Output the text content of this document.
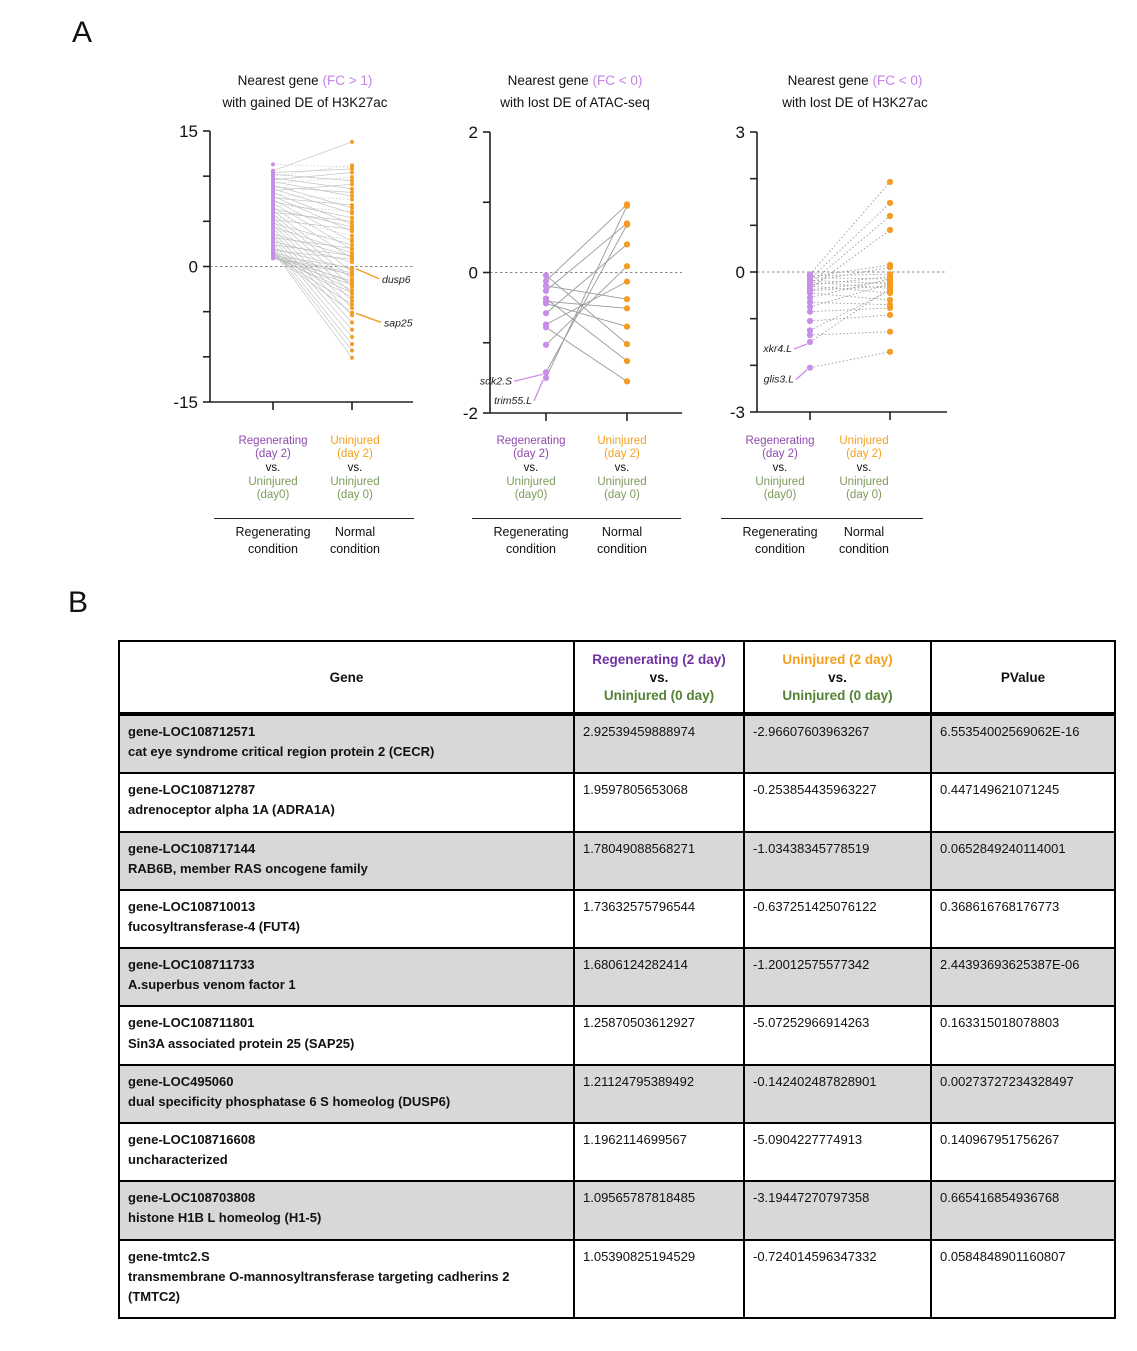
A
Nearest gene (FC > 1)
with gained DE of H3K27ac
15
0
-15
dusp6
sap25
Regenerating
(day 2)
vs.
Uninjured
(day0)
Uninjured
(day 2)
vs.
Uninjured
(day 0)
Regenerating
condition
Normal
condition
Nearest gene (FC < 0)
with lost DE of ATAC-seq
2
0
-2
sdk2.S
trim55.L
Regenerating
(day 2)
vs.
Uninjured
(day0)
Uninjured
(day 2)
vs.
Uninjured
(day 0)
Regenerating
condition
Normal
condition
Nearest gene (FC < 0)
with lost DE of H3K27ac
3
0
-3
xkr4.L
glis3.L
Regenerating
(day 2)
vs.
Uninjured
(day0)
Uninjured
(day 2)
vs.
Uninjured
(day 0)
Regenerating
condition
Normal
condition
B
Gene

Regenerating (2 day)
vs.
Uninjured (0 day)

Uninjured (2 day)
vs.
Uninjured (0 day)

PValue

gene-LOC108712571
cat eye syndrome critical region protein 2 (CECR)	2.92539459888974	-2.96607603963267	6.55354002569062E-16

gene-LOC108712787
adrenoceptor alpha 1A (ADRA1A)	1.9597805653068	-0.253854435963227	0.447149621071245

gene-LOC108717144
RAB6B, member RAS oncogene family	1.78049088568271	-1.03438345778519	0.0652849240114001

gene-LOC108710013
fucosyltransferase-4 (FUT4)	1.73632575796544	-0.637251425076122	0.368616768176773

gene-LOC108711733
A.superbus venom factor 1	1.6806124282414	-1.20012575577342	2.44393693625387E-06

gene-LOC108711801
Sin3A associated protein 25 (SAP25)	1.25870503612927	-5.07252966914263	0.163315018078803

gene-LOC495060
dual specificity phosphatase 6 S homeolog (DUSP6)	1.21124795389492	-0.142402487828901	0.00273727234328497

gene-LOC108716608
uncharacterized	1.1962114699567	-5.0904227774913	0.140967951756267

gene-LOC108703808
histone H1B L homeolog (H1-5)	1.09565787818485	-3.19447270797358	0.665416854936768

gene-tmtc2.S
transmembrane O-mannosyltransferase targeting cadherins 2 (TMTC2)	1.05390825194529	-0.724014596347332	0.0584848901160807
